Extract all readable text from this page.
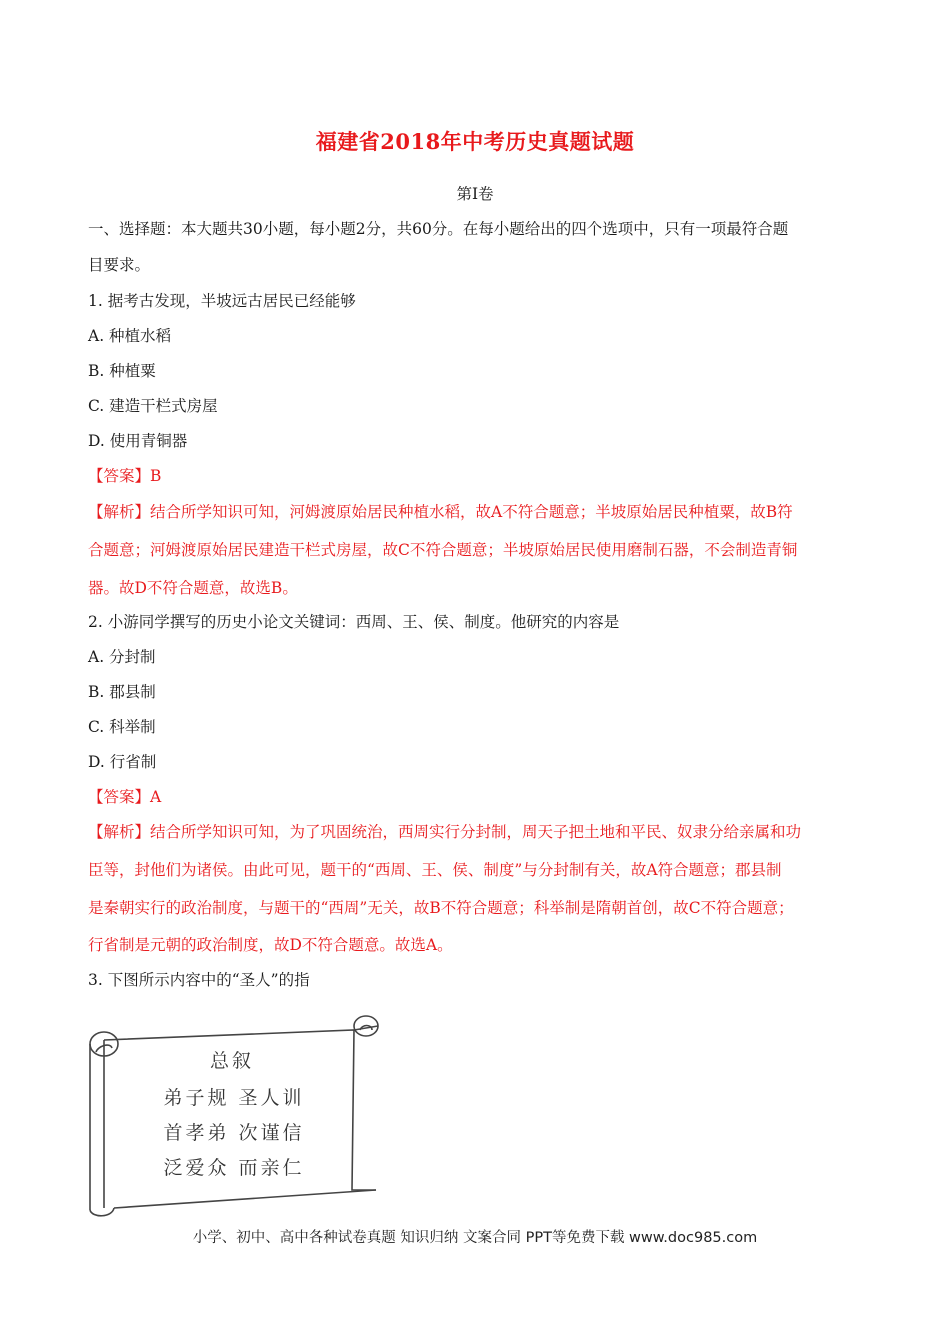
福建省2018年中考历史真题试题
第I卷
一、选择题：本大题共30小题，每小题2分，共60分。在每小题给出的四个选项中，只有一项最符合题
目要求。
1. 据考古发现，半坡远古居民已经能够
A. 种植水稻
B. 种植粟
C. 建造干栏式房屋
D. 使用青铜器
【答案】B
【解析】结合所学知识可知，河姆渡原始居民种植水稻，故A不符合题意；半坡原始居民种植粟，故B符
合题意；河姆渡原始居民建造干栏式房屋，故C不符合题意；半坡原始居民使用磨制石器，不会制造青铜
器。故D不符合题意，故选B。
2. 小游同学撰写的历史小论文关键词：西周、王、侯、制度。他研究的内容是
A. 分封制
B. 郡县制
C. 科举制
D. 行省制
【答案】A
【解析】结合所学知识可知，为了巩固统治，西周实行分封制，周天子把土地和平民、奴隶分给亲属和功
臣等，封他们为诸侯。由此可见，题干的“西周、王、侯、制度”与分封制有关，故A符合题意；郡县制
是秦朝实行的政治制度，与题干的“西周”无关，故B不符合题意；科举制是隋朝首创，故C不符合题意；
行省制是元朝的政治制度，故D不符合题意。故选A。
3. 下图所示内容中的“圣人”的指
总叙
弟子规 圣人训
首孝弟 次谨信
泛爱众 而亲仁
小学、初中、高中各种试卷真题 知识归纳 文案合同 PPT等免费下载 www.doc985.com
